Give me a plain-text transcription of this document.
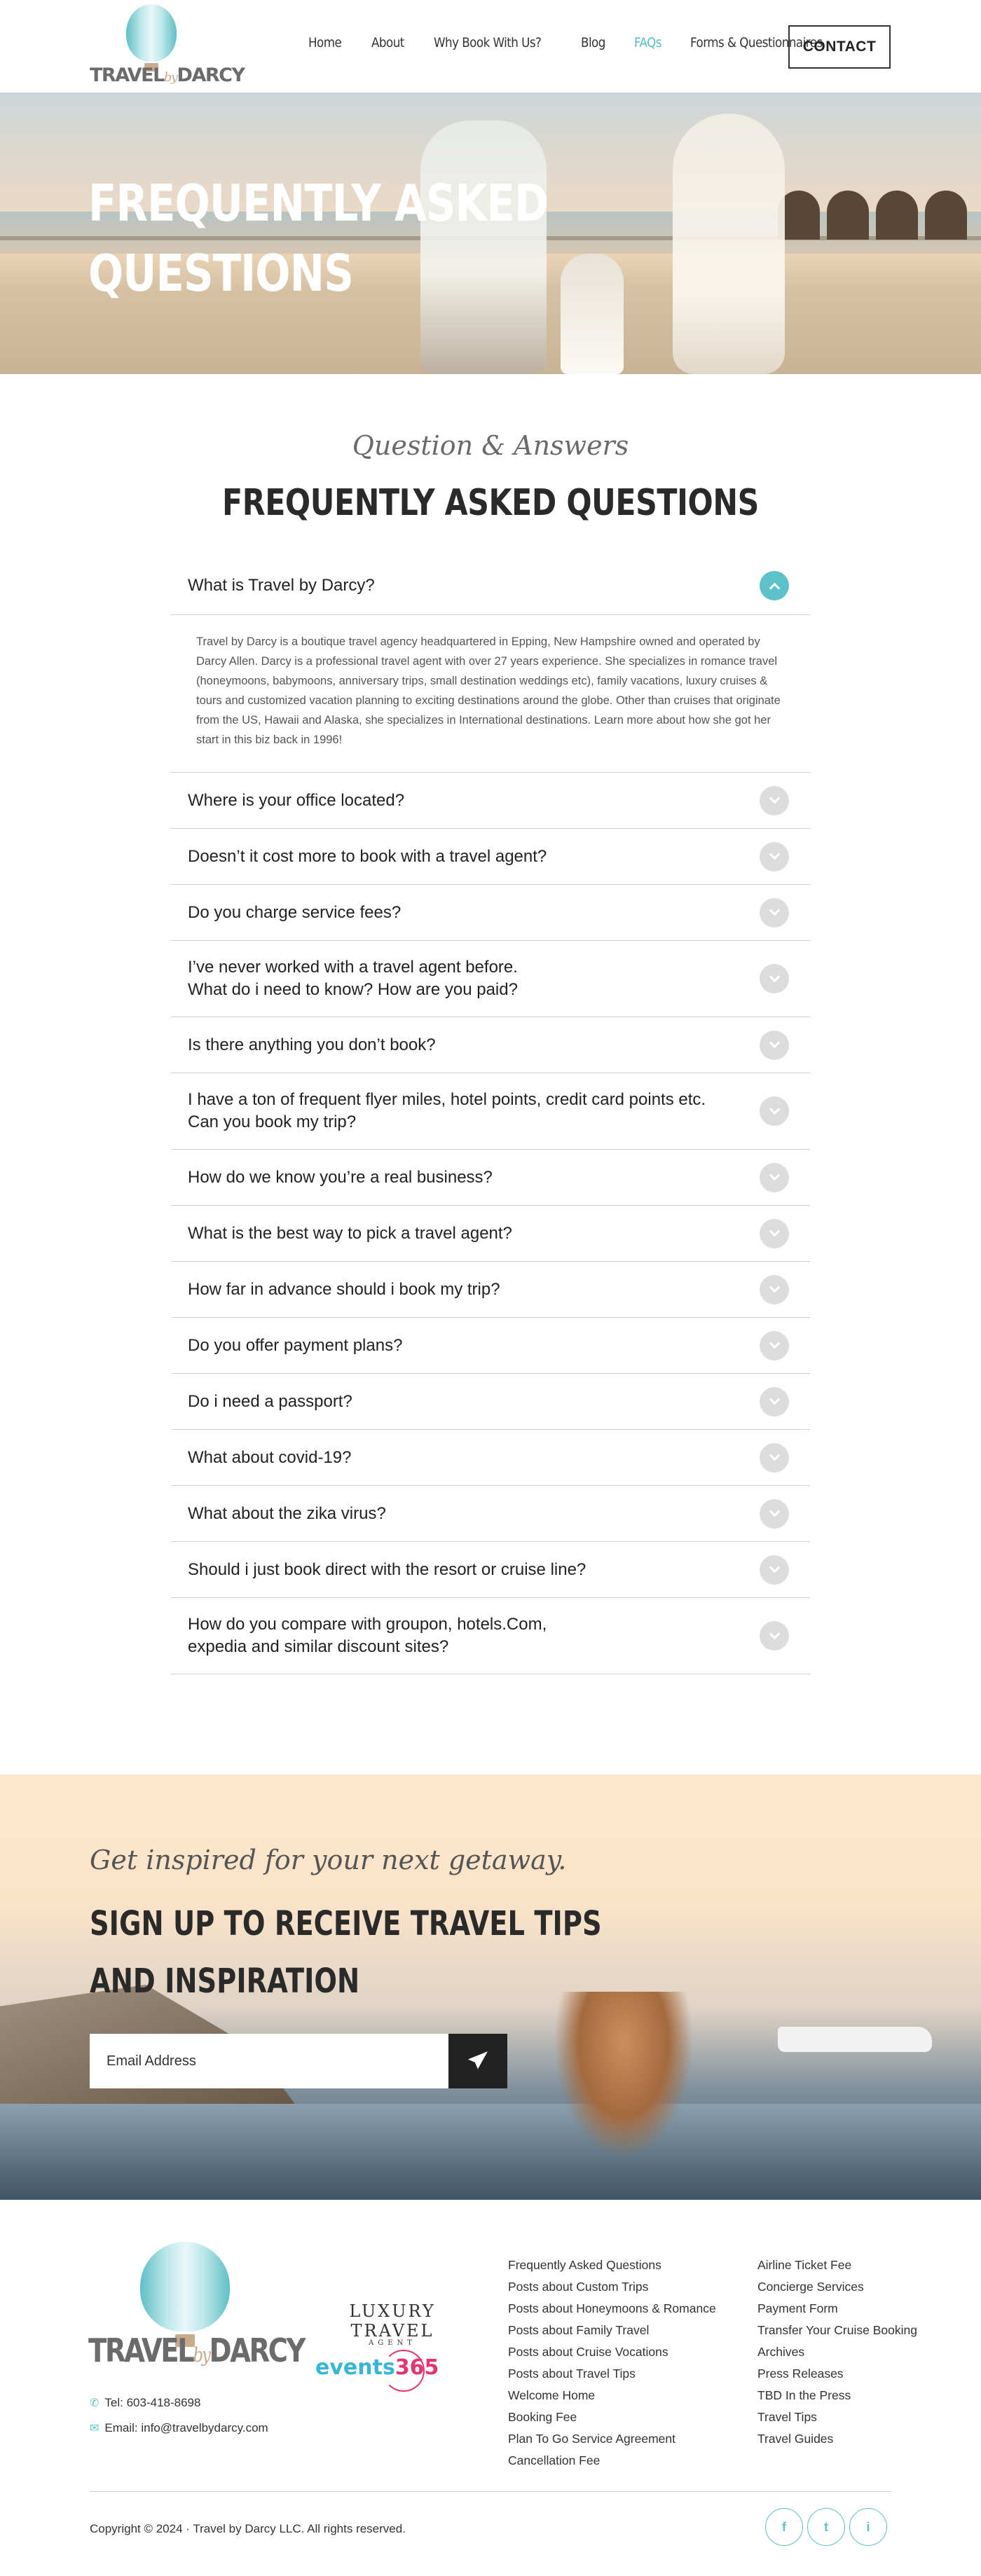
TRAVELbyDARCY
Home About Why Book With Us?	Blog FAQs Forms & Questionnaires
CONTACT
FREQUENTLY ASKED
QUESTIONS
Question & Answers
FREQUENTLY ASKED QUESTIONS
What is Travel by Darcy?
Travel by Darcy is a boutique travel agency headquartered in Epping, New Hampshire owned and operated by Darcy Allen. Darcy is a professional travel agent with over 27 years experience. She specializes in romance travel (honeymoons, babymoons, anniversary trips, small destination weddings etc), family vacations, luxury cruises & tours and customized vacation planning to exciting destinations around the globe. Other than cruises that originate from the US, Hawaii and Alaska, she specializes in International destinations. Learn more about how she got her start in this biz back in 1996!
Where is your office located?
Doesn’t it cost more to book with a travel agent?
Do you charge service fees?
I’ve never worked with a travel agent before.
What do i need to know? How are you paid?
Is there anything you don’t book?
I have a ton of frequent flyer miles, hotel points, credit card points etc.
Can you book my trip?
How do we know you’re a real business?
What is the best way to pick a travel agent?
How far in advance should i book my trip?
Do you offer payment plans?
Do i need a passport?
What about covid-19?
What about the zika virus?
Should i just book direct with the resort or cruise line?
How do you compare with groupon, hotels.Com,
expedia and similar discount sites?
Get inspired for your next getaway.
SIGN UP TO RECEIVE TRAVEL TIPS
AND INSPIRATION
Email Address
TRAVELbyDARCY
✆ Tel: 603-418-8698
✉ Email: info@travelbydarcy.com
LUXURY TRAVEL
AGENT
events365
Frequently Asked Questions
Posts about Custom Trips
Posts about Honeymoons & Romance
Posts about Family Travel
Posts about Cruise Vocations
Posts about Travel Tips
Welcome Home
Booking Fee
Plan To Go Service Agreement
Cancellation Fee
Airline Ticket Fee
Concierge Services
Payment Form
Transfer Your Cruise Booking
Archives
Press Releases
TBD In the Press
Travel Tips
Travel Guides
Copyright © 2024 · Travel by Darcy LLC. All rights reserved.	f	t	i
